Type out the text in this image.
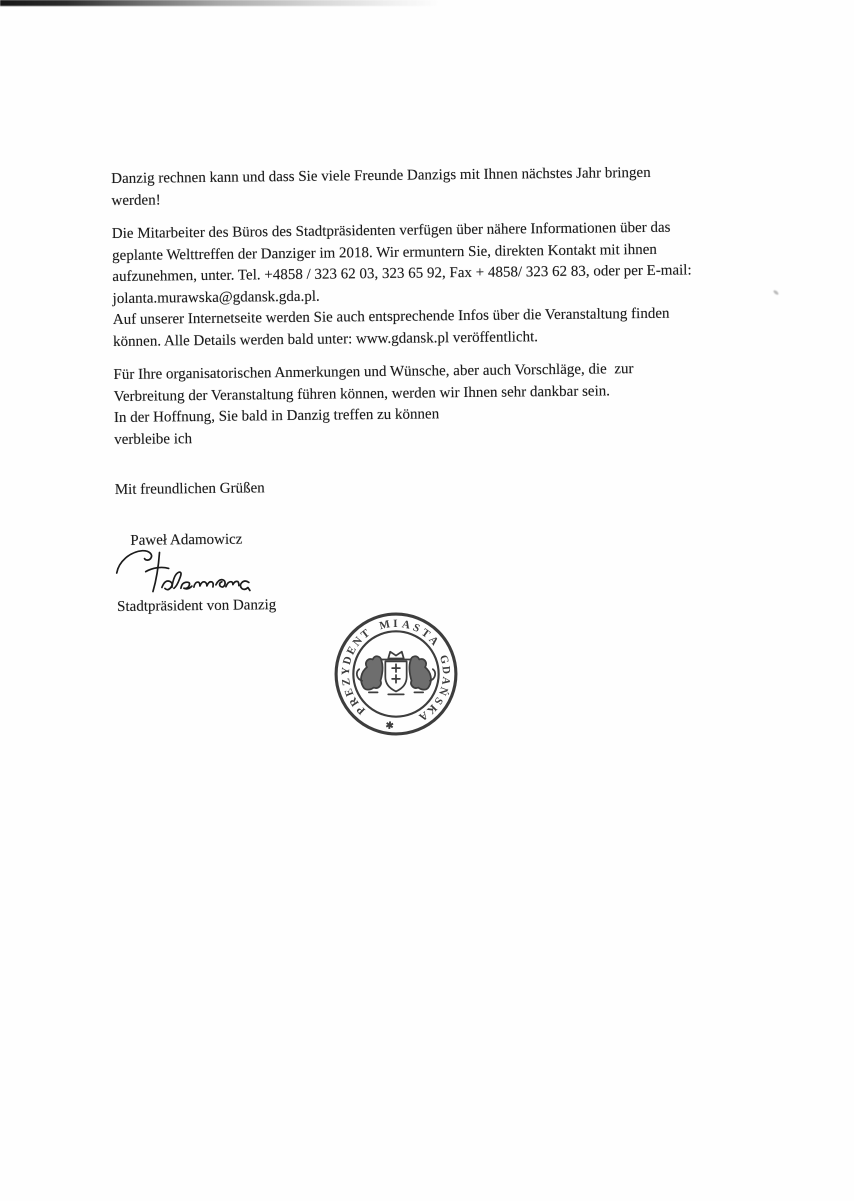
Danzig rechnen kann und dass Sie viele Freunde Danzigs mit Ihnen nächstes Jahr bringen
werden!
Die Mitarbeiter des Büros des Stadtpräsidenten verfügen über nähere Informationen über das
geplante Welttreffen der Danziger im 2018. Wir ermuntern Sie, direkten Kontakt mit ihnen
aufzunehmen, unter. Tel. +4858 / 323 62 03, 323 65 92, Fax + 4858/ 323 62 83, oder per E-mail:
jolanta.murawska@gdansk.gda.pl.
Auf unserer Internetseite werden Sie auch entsprechende Infos über die Veranstaltung finden
können. Alle Details werden bald unter: www.gdansk.pl veröffentlicht.
Für Ihre organisatorischen Anmerkungen und Wünsche, aber auch Vorschläge, die  zur
Verbreitung der Veranstaltung führen können, werden wir Ihnen sehr dankbar sein.
In der Hoffnung, Sie bald in Danzig treffen zu können
verbleibe ich
Mit freundlichen Grüßen
Paweł Adamowicz
Stadtpräsident von Danzig
P
R
E
Z
Y
D
E
N
T
M I A S
T
A
G
D
A
Ń
S
K
A
✱
